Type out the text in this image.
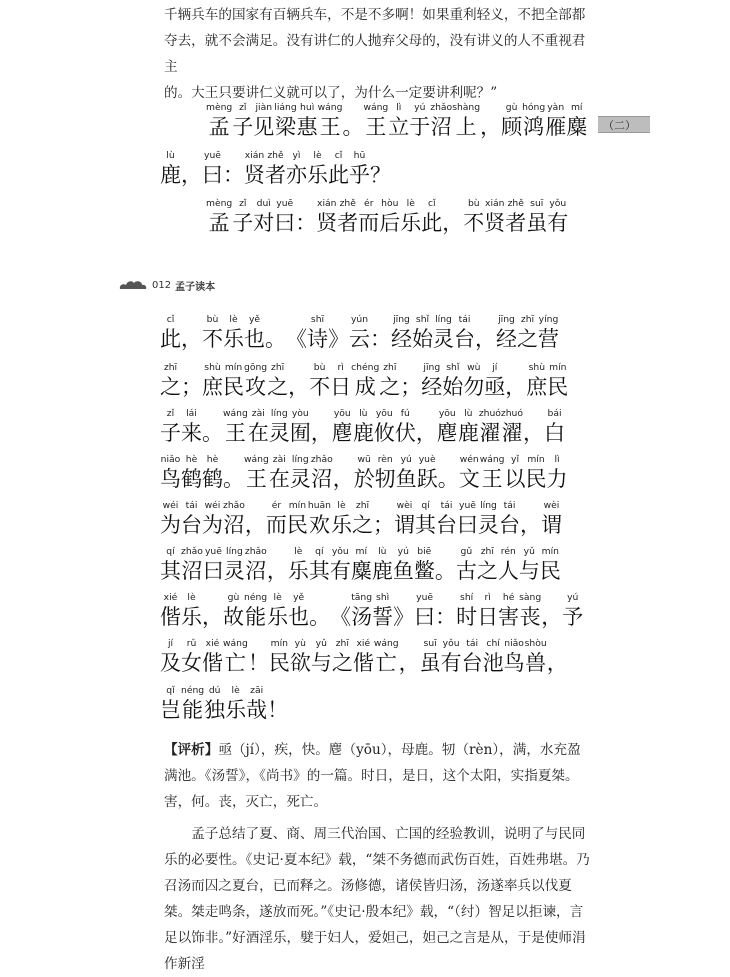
千辆兵车的国家有百辆兵车，不是不多啊！如果重利轻义，不把全部都

夺去，就不会满足。没有讲仁的人抛弃父母的，没有讲义的人不重视君主

的。大王只要讲仁义就可以了，为什么一定要讲利呢？”

（二）
012 孟子读本
mèng
孟
zǐ
子
jiàn
见
liáng
梁
huì
惠
wáng
王 。
wáng
王
lì
立
yú
于
zhǎo
沼
shàng
上 ，
gù
顾
hóng
鸿
yàn
雁
mí
麋
lù
鹿 ，
yuē
曰 ：
xián
贤
zhě
者
yì
亦
lè
乐
cǐ
此
hū
乎 ？
mèng
孟
zǐ
子
duì
对
yuē
曰 ：
xián
贤
zhě
者
ér
而
hòu
后
lè
乐
cǐ
此 ，
bù
不
xián
贤
zhě
者
suī
虽
yǒu
有
cǐ
此 ，
bù
不
lè
乐
yě
也 。 《
shī
诗 》
yún
云 ：
jīng
经
shǐ
始
líng
灵
tái
台 ，
jīng
经
zhī
之
yíng
营
zhī
之 ；
shù
庶
mín
民
gōng
攻
zhī
之 ，
bù
不
rì
日
chéng
成
zhī
之 ；
jīng
经
shǐ
始
wù
勿
jí
亟 ，
shù
庶
mín
民
zǐ
子
lái
来 。
wáng
王
zài
在
líng
灵
yòu
囿 ，
yōu
麀
lù
鹿
yōu
攸
fú
伏 ，
yōu
麀
lù
鹿
zhuó
濯
zhuó
濯 ，
bái
白
niǎo
鸟
hè
鹤
hè
鹤 。
wáng
王
zài
在
líng
灵
zhǎo
沼 ，
wū
於
rèn
牣
yú
鱼
yuè
跃 。
wén
文
wáng
王
yǐ
以
mín
民
lì
力
wéi
为
tái
台
wéi
为
zhǎo
沼 ，
ér
而
mín
民
huān
欢
lè
乐
zhī
之 ；
wèi
谓
qí
其
tái
台
yuē
曰
líng
灵
tái
台 ，
wèi
谓
qí
其
zhǎo
沼
yuē
曰
líng
灵
zhǎo
沼 ，
lè
乐
qí
其
yǒu
有
mí
麋
lù
鹿
yú
鱼
biē
鳖 。
gǔ
古
zhī
之
rén
人
yǔ
与
mín
民
xié
偕
lè
乐 ，
gù
故
néng
能
lè
乐
yě
也 。 《
tāng
汤
shì
誓 》
yuē
曰 ：
shí
时
rì
日
hé
害
sàng
丧 ，
yú
予
jí
及
rǔ
女
xié
偕
wáng
亡 ！
mín
民
yù
欲
yǔ
与
zhī
之
xié
偕
wáng
亡 ，
suī
虽
yǒu
有
tái
台
chí
池
niǎo
鸟
shòu
兽 ，
qǐ
岂
néng
能
dú
独
lè
乐
zāi
哉 ！

【评析】亟（jí），疾，快。麀（yōu），母鹿。牣（rèn），满，水充盈满池。《汤誓》，《尚书》的一篇。时日，是日，这个太阳，实指夏桀。害，何。丧，灭亡，死亡。

孟子总结了夏、商、周三代治国、亡国的经验教训，说明了与民同乐的必要性。《史记·夏本纪》载，“桀不务德而武伤百姓，百姓弗堪。乃召汤而囚之夏台，已而释之。汤修德，诸侯皆归汤，汤遂率兵以伐夏桀。桀走鸣条，遂放而死。”《史记·殷本纪》载，“（纣）智足以拒谏，言足以饰非。”好酒淫乐，嬖于妇人，爱妲己，妲己之言是从，于是使师涓作新淫
